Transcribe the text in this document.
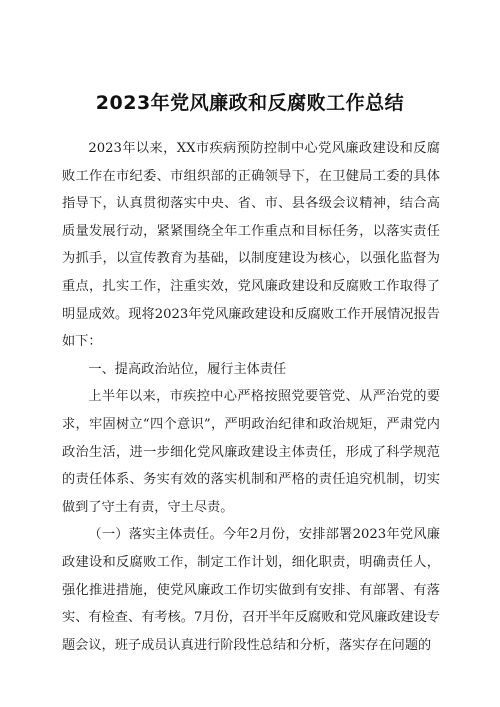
2023年党风廉政和反腐败工作总结

2023年以来，XX市疾病预防控制中心党风廉政建设和反腐败工作在市纪委、市组织部的正确领导下，在卫健局工委的具体指导下，认真贯彻落实中央、省、市、县各级会议精神，结合高质量发展行动，紧紧围绕全年工作重点和目标任务，以落实责任为抓手，以宣传教育为基础，以制度建设为核心，以强化监督为重点，扎实工作，注重实效，党风廉政建设和反腐败工作取得了明显成效。现将2023年党风廉政建设和反腐败工作开展情况报告如下：

一、提高政治站位，履行主体责任

上半年以来，市疾控中心严格按照党要管党、从严治党的要求，牢固树立“四个意识”，严明政治纪律和政治规矩，严肃党内政治生活，进一步细化党风廉政建设主体责任，形成了科学规范的责任体系、务实有效的落实机制和严格的责任追究机制，切实做到了守土有责，守土尽责。

（一）落实主体责任。今年2月份，安排部署2023年党风廉政建设和反腐败工作，制定工作计划，细化职责，明确责任人，强化推进措施，使党风廉政工作切实做到有安排、有部署、有落实、有检查、有考核。7月份，召开半年反腐败和党风廉政建设专题会议，班子成员认真进行阶段性总结和分析，落实存在问题的
